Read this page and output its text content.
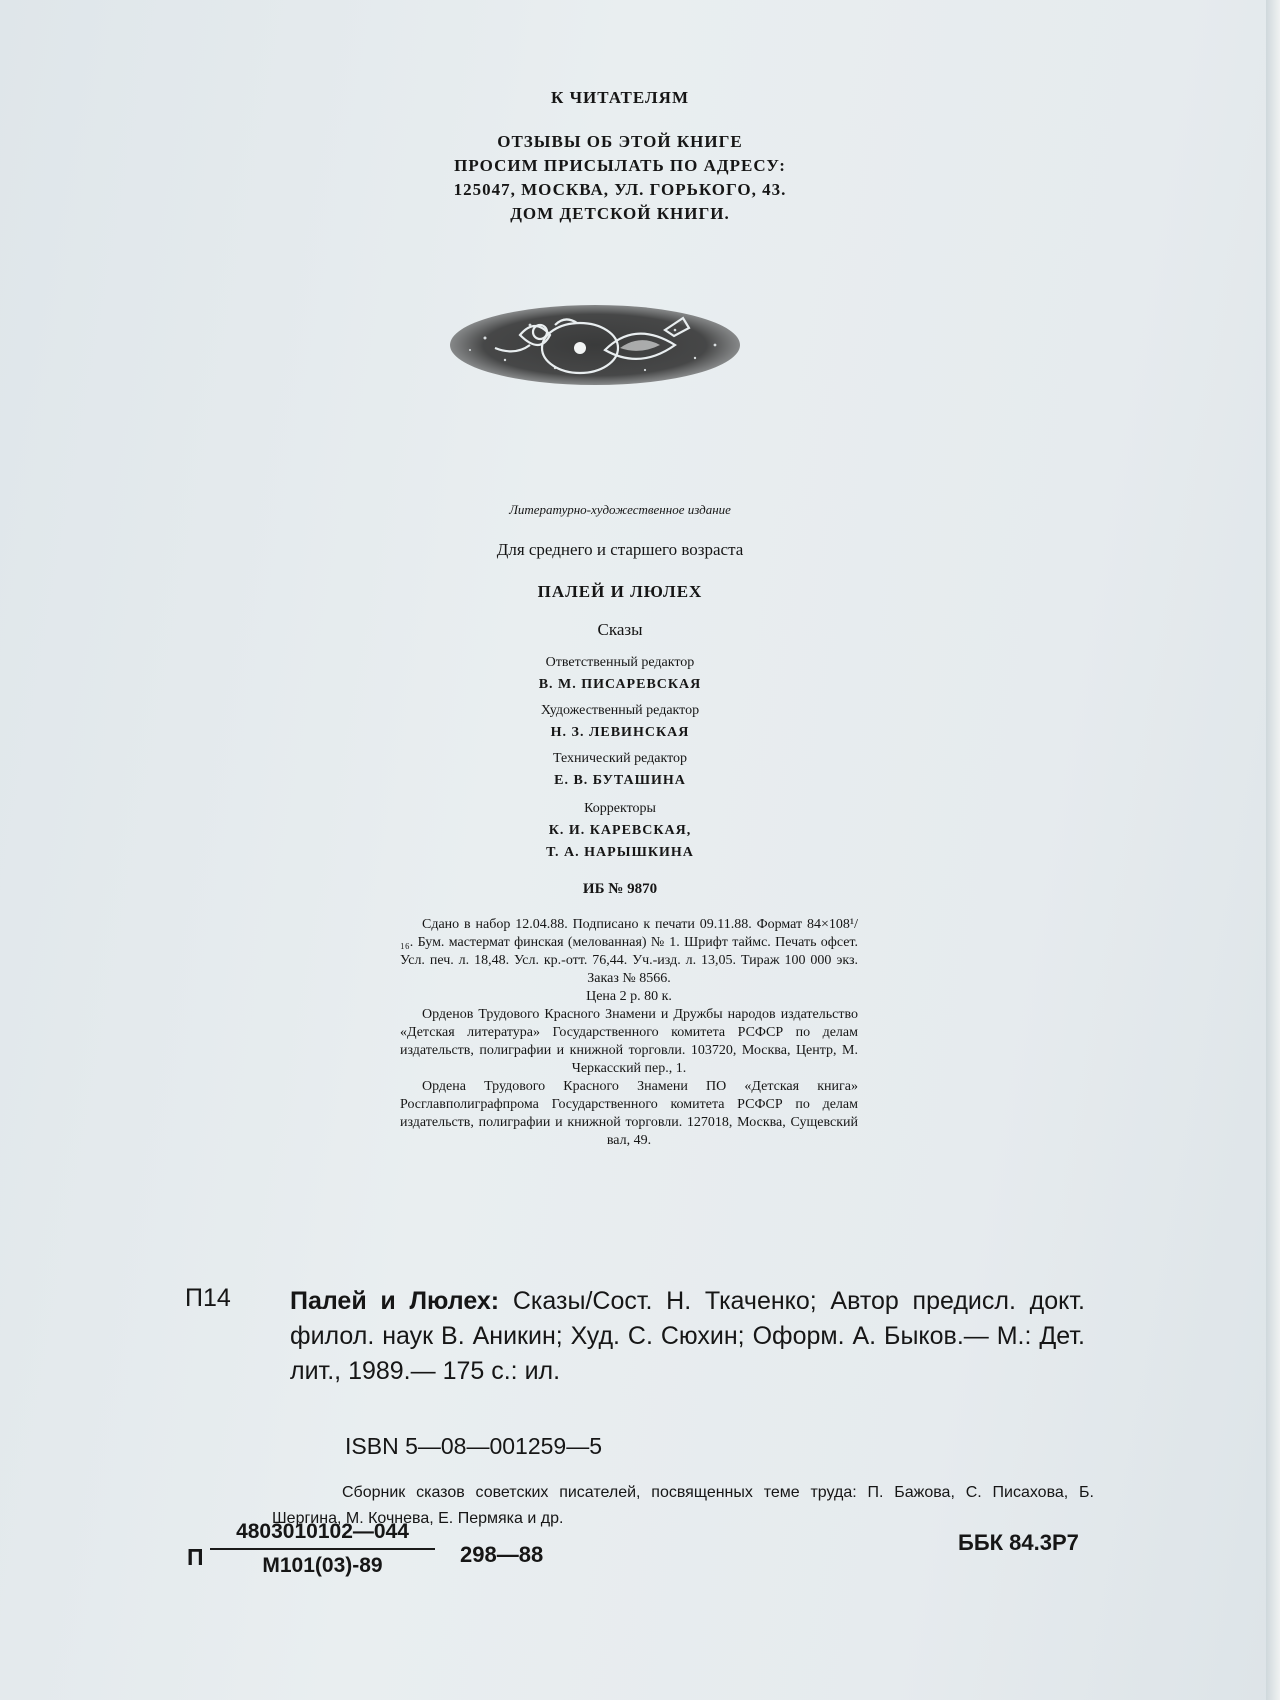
К ЧИТАТЕЛЯМ
ОТЗЫВЫ ОБ ЭТОЙ КНИГЕ
ПРОСИМ ПРИСЫЛАТЬ ПО АДРЕСУ:
125047, МОСКВА, УЛ. ГОРЬКОГО, 43.
ДОМ ДЕТСКОЙ КНИГИ.
Литературно-художественное издание
Для среднего и старшего возраста
ПАЛЕЙ И ЛЮЛЕХ
Сказы
Ответственный редактор
В. М. ПИСАРЕВСКАЯ
Художественный редактор
Н. З. ЛЕВИНСКАЯ
Технический редактор
Е. В. БУТАШИНА
Корректоры
К. И. КАРЕВСКАЯ,
Т. А. НАРЫШКИНА
ИБ № 9870

Сдано в набор 12.04.88. Подписано к печати 09.11.88. Формат 84×108¹/₁₆. Бум. мастермат финская (мелованная) № 1. Шрифт таймс. Печать офсет. Усл. печ. л. 18,48. Усл. кр.-отт. 76,44. Уч.-изд. л. 13,05. Тираж 100 000 экз. Заказ № 8566.

Цена 2 р. 80 к.

Орденов Трудового Красного Знамени и Дружбы народов издательство «Детская литература» Государственного комитета РСФСР по делам издательств, полиграфии и книжной торговли. 103720, Москва, Центр, М. Черкасский пер., 1.

Ордена Трудового Красного Знамени ПО «Детская книга» Росглавполиграфпрома Государственного комитета РСФСР по делам издательств, полиграфии и книжной торговли. 127018, Москва, Сущевский вал, 49.

П14 Палей и Люлех: Сказы/Сост. Н. Ткаченко; Автор предисл. докт. филол. наук В. Аникин; Худ. С. Сюхин; Оформ. А. Быков.— М.: Дет. лит., 1989.— 175 с.: ил.
ISBN 5—08—001259—5
Сборник сказов советских писателей, посвященных теме труда: П. Бажова, С. Писахова, Б. Шергина, М. Кочнева, Е. Пермяка и др.
П
4803010102—044
М101(03)-89	298—88	ББК 84.3Р7
